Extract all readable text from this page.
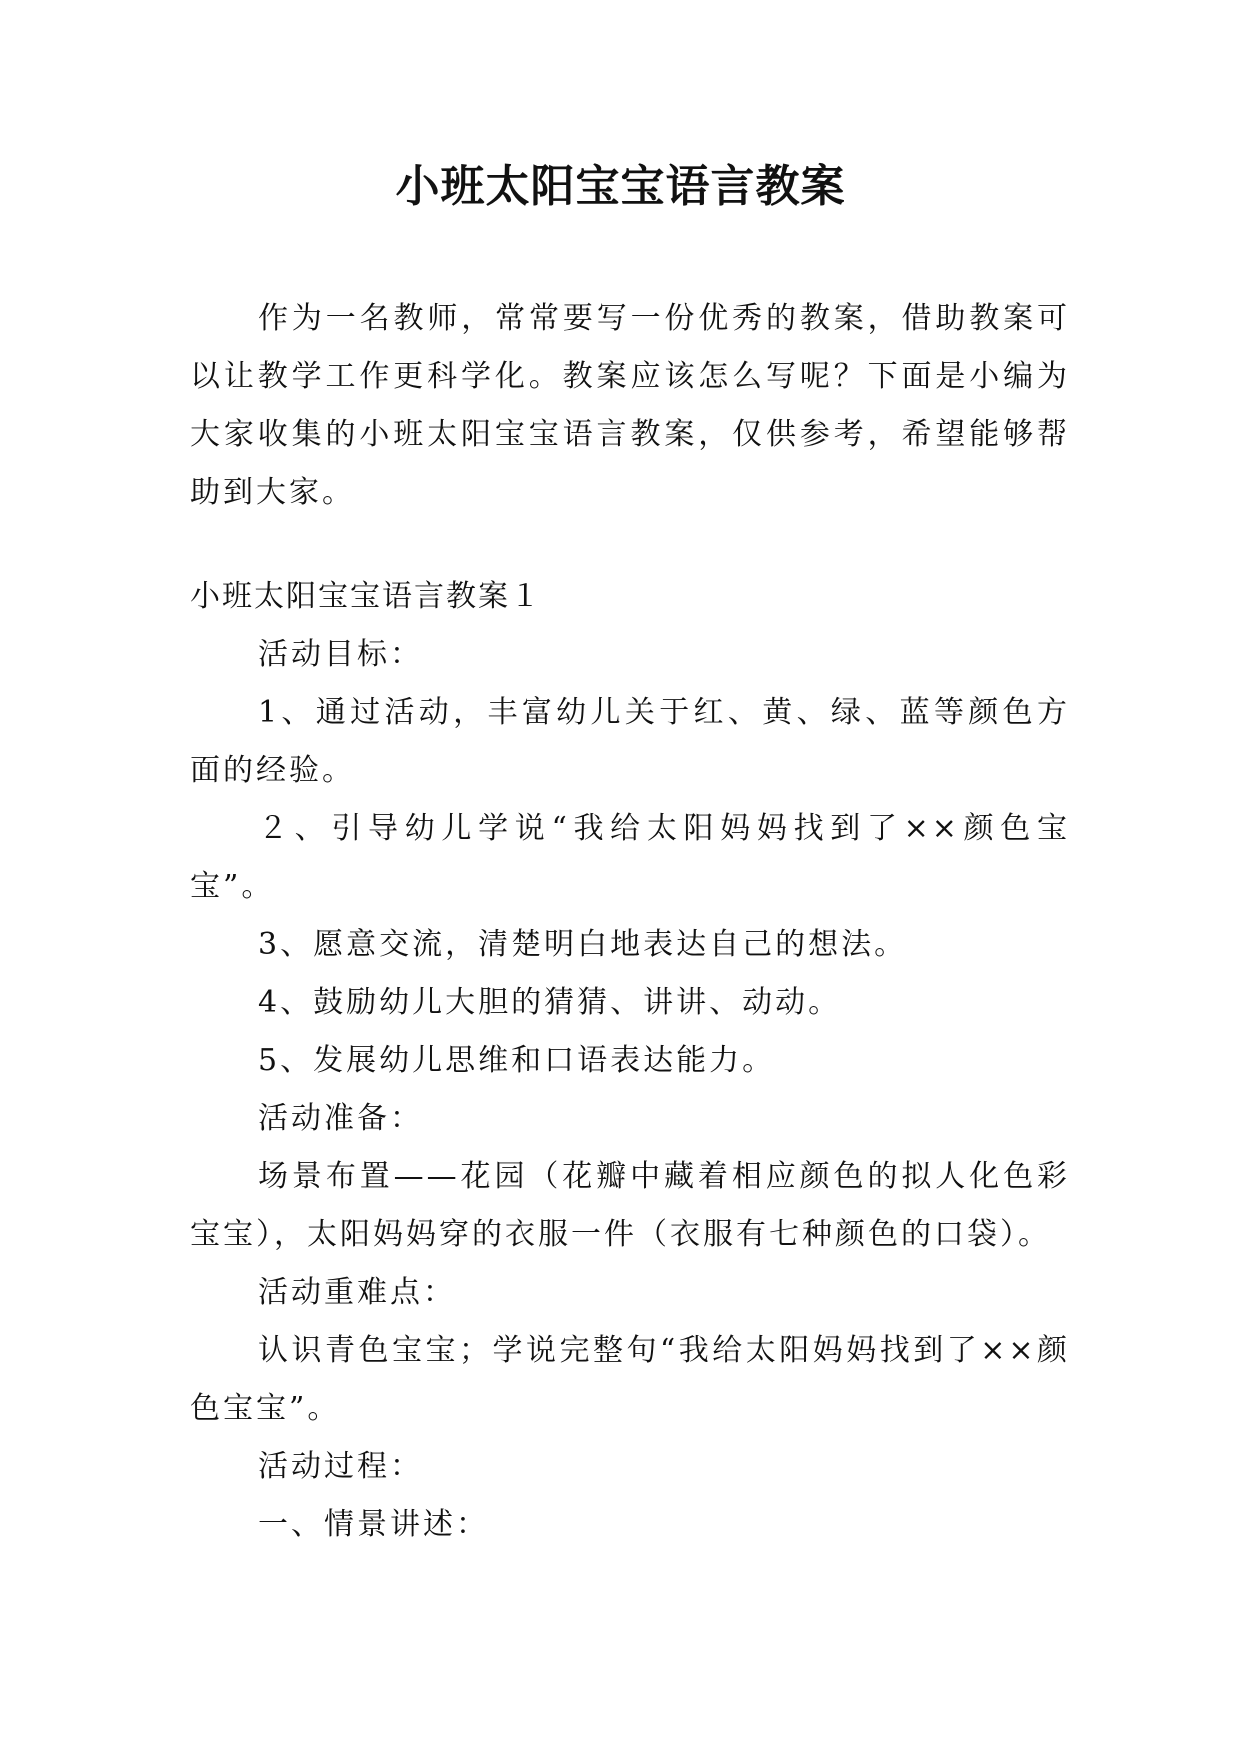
小班太阳宝宝语言教案

作为一名教师，常常要写一份优秀的教案，借助教案可以让教学工作更科学化。教案应该怎么写呢？下面是小编为大家收集的小班太阳宝宝语言教案，仅供参考，希望能够帮助到大家。

小班太阳宝宝语言教案１

活动目标：

1、通过活动，丰富幼儿关于红、黄、绿、蓝等颜色方面的经验。

２、引导幼儿学说“我给太阳妈妈找到了××颜色宝宝”。

3、愿意交流，清楚明白地表达自己的想法。

4、鼓励幼儿大胆的猜猜、讲讲、动动。

5、发展幼儿思维和口语表达能力。

活动准备：

场景布置——花园（花瓣中藏着相应颜色的拟人化色彩宝宝），太阳妈妈穿的衣服一件（衣服有七种颜色的口袋）。

活动重难点：

认识青色宝宝；学说完整句“我给太阳妈妈找到了××颜色宝宝”。

活动过程：

一、情景讲述：
